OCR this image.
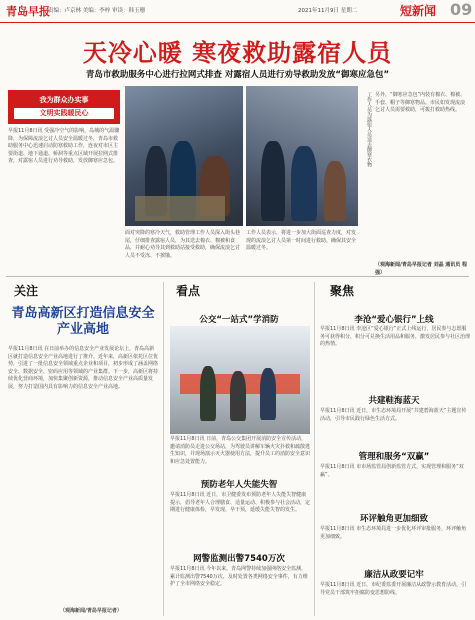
青岛早报
责编：卢京林 美编：李梓 审读：韩玉珊	2021年11月9日 星期二	短新闻 09
天冷心暖 寒夜救助露宿人员
青岛市救助服务中心进行拉网式排查 对露宿人员进行劝导救助发放“御寒应急包”
我为群众办实事
文明实践暖民心
早报11月8日讯 受强冷空气的影响，岛城的气温骤降，为保障流浪乞讨人员安全温暖过冬，青岛市救助服务中心迅速启动防寒救助工作，连夜对市区主要街道、地下通道、桥洞等重点区域开展拉网式排查，对露宿人员进行劝导救助，发放御寒应急包。	工作人员为露宿人员送去御寒衣物
面对突降的寒冷天气，救助管理工作人员深入街头巷尾，仔细排查露宿人员，为其送去棉衣、棉被和食品，并耐心劝导其到救助站接受救助，确保流浪乞讨人员不受冻、不挨饿。
工作人员表示，将进一步加大街面巡查力度，对发现的流浪乞讨人员第一时间进行救助，确保其安全温暖过冬。
另外，“御寒应急包”内装有棉衣、棉被、手套、帽子等御寒物品。市民如发现流浪乞讨人员需要救助，可拨打救助热线。
（观海新闻/青岛早报记者 刘晶 通讯员 程强）
关注
青岛高新区打造信息安全产业高地
早报11月8日讯 在日前举办的信息安全产业发展论坛上，青岛高新区就打造信息安全产业高地进行了推介。近年来，高新区依托区位优势，引进了一批信息安全领域重点企业和项目，初步形成了涵盖网络安全、数据安全、密码应用等领域的产业集群。下一步，高新区将持续优化营商环境，加快集聚创新资源，推动信息安全产业高质量发展，努力打造国内具有影响力的信息安全产业高地。
（观海新闻/青岛早报记者）
看点
公交“一站式”学消防
早报11月8日讯 日前，青岛公交集团开展消防安全宣传活动，邀请消防员走进公交场站，为驾驶员讲解车辆火灾扑救和疏散逃生知识，并现场演示灭火器使用方法，提升员工的消防安全意识和应急处置能力。
预防老年人失能失智
早报11月8日讯 近日，市卫健委发布预防老年人失能失智健康提示，倡导老年人合理膳食、适量运动、积极参与社会活动，定期进行健康体检，早发现、早干预，延缓失能失智的发生。
网警监测出警7540万次
早报11月8日讯 今年以来，青岛网警持续加强网络安全监测，累计监测出警7540万次，及时处置各类网络安全事件，有力维护了全市网络安全稳定。
聚焦
李沧“爱心银行”上线
早报11月8日讯 李沧区“爱心银行”正式上线运行，居民参与志愿服务可获得积分，积分可兑换生活用品和服务，激发居民参与社区治理的热情。
共建鞋海蓝天
早报11月8日讯 近日，市生态环境局开展“共建碧海蓝天”主题宣传活动，引导市民践行绿色生活方式。
管理和服务“双赢”
早报11月8日讯 市市场监管局创新监管方式，实现管理和服务“双赢”。
环评触角更加细致
早报11月8日讯 市生态环境局进一步优化环评审批服务，环评触角更加细致。
廉洁从政要记牢
早报11月8日讯 近日，市纪委监委开展廉洁从政警示教育活动，引导党员干部筑牢拒腐防变思想防线。
